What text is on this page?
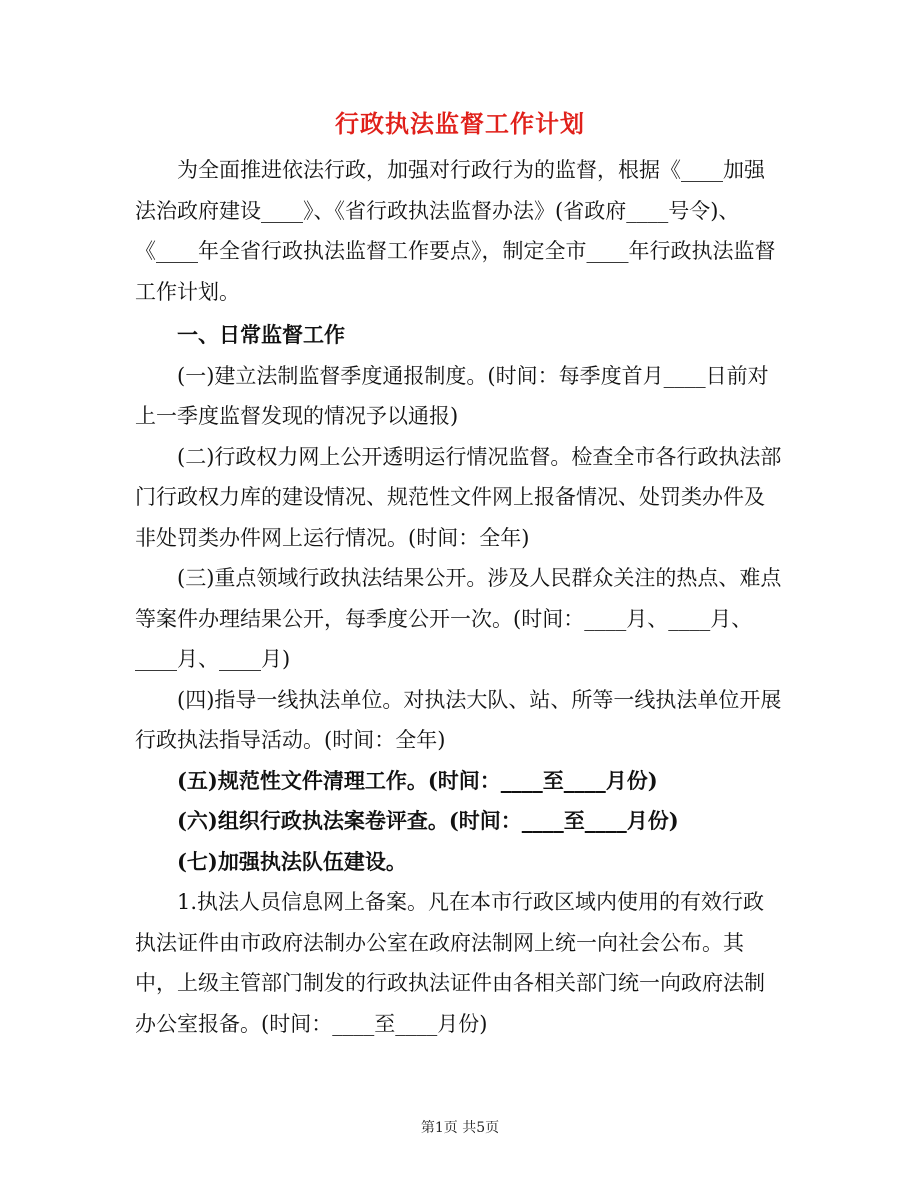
行政执法监督工作计划

为全面推进依法行政，加强对行政行为的监督，根据《____加强法治政府建设____》、《省行政执法监督办法》(省政府____号令)、《____年全省行政执法监督工作要点》，制定全市____年行政执法监督工作计划。

一、日常监督工作

(一)建立法制监督季度通报制度。(时间：每季度首月____日前对上一季度监督发现的情况予以通报)

(二)行政权力网上公开透明运行情况监督。检查全市各行政执法部门行政权力库的建设情况、规范性文件网上报备情况、处罚类办件及非处罚类办件网上运行情况。(时间：全年)

(三)重点领域行政执法结果公开。涉及人民群众关注的热点、难点等案件办理结果公开，每季度公开一次。(时间：____月、____月、____月、____月)

(四)指导一线执法单位。对执法大队、站、所等一线执法单位开展行政执法指导活动。(时间：全年)

(五)规范性文件清理工作。(时间：____至____月份)

(六)组织行政执法案卷评查。(时间：____至____月份)

(七)加强执法队伍建设。

1.执法人员信息网上备案。凡在本市行政区域内使用的有效行政执法证件由市政府法制办公室在政府法制网上统一向社会公布。其中，上级主管部门制发的行政执法证件由各相关部门统一向政府法制办公室报备。(时间：____至____月份)

第1页 共5页
